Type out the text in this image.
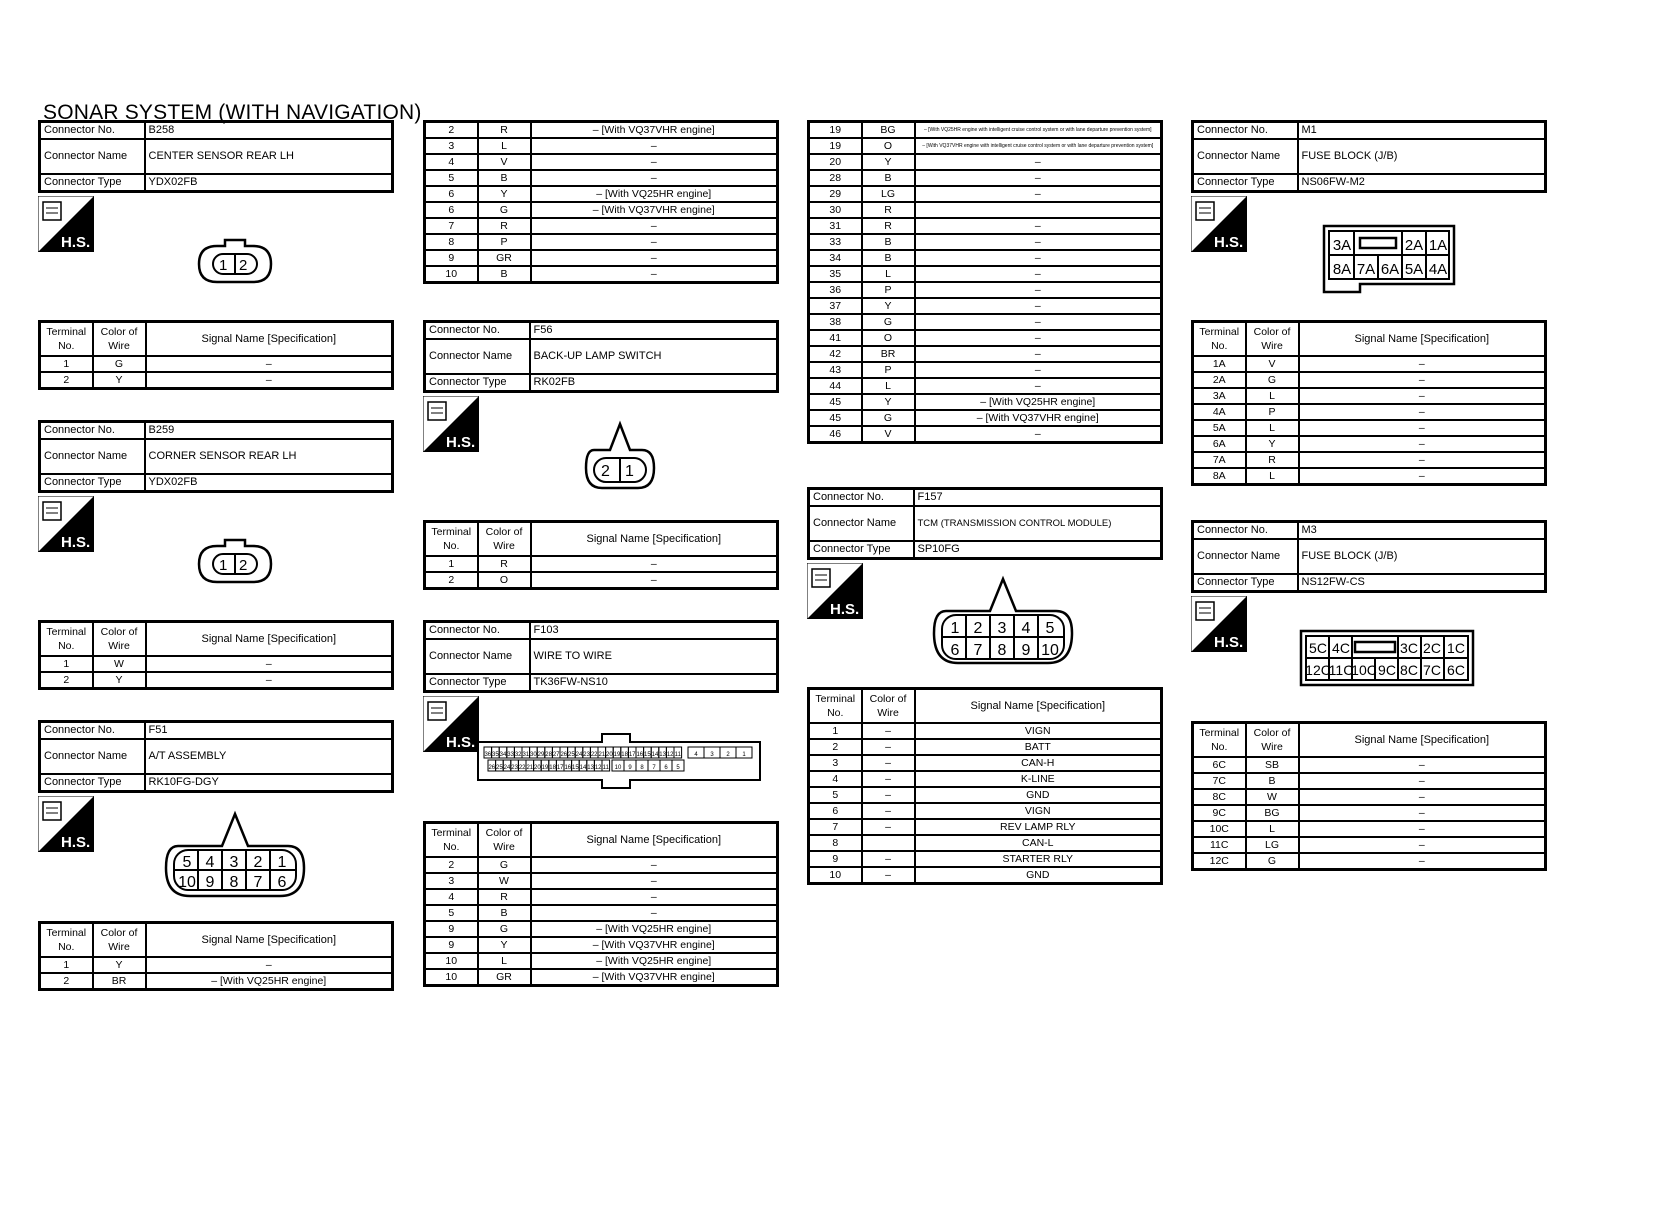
SONAR SYSTEM (WITH NAVIGATION)
Connector No.	B258
Connector Name	CENTER SENSOR REAR LH
Connector Type	YDX02FB
H.S.
1 2
Terminal No.	Color of Wire	Signal Name [Specification]
1	G	–
2	Y	–
Connector No.	B259
Connector Name	CORNER SENSOR REAR LH
Connector Type	YDX02FB
H.S.
1 2
Terminal No.	Color of Wire	Signal Name [Specification]
1	W	–
2	Y	–
Connector No.	F51
Connector Name	A/T ASSEMBLY
Connector Type	RK10FG-DGY
H.S.
5 4 3 2 1
10 9 8 7 6
Terminal No.	Color of Wire	Signal Name [Specification]
1	Y	–
2	BR	– [With VQ25HR engine]
2	R	– [With VQ37VHR engine]
3	L	–
4	V	–
5	B	–
6	Y	– [With VQ25HR engine]
6	G	– [With VQ37VHR engine]
7	R	–
8	P	–
9	GR	–
10	B	–
Connector No.	F56
Connector Name	BACK-UP LAMP SWITCH
Connector Type	RK02FB
H.S.
2 1
Terminal No.	Color of Wire	Signal Name [Specification]
1	R	–
2	O	–
Connector No.	F103
Connector Name	WIRE TO WIRE
Connector Type	TK36FW-NS10
H.S.
36 35 34 33 32 31 30 29 28 27 26 25 24 23 22 21 20 19 18 17 16 15 14 13 12 11 4 3 2 1
26 25 24 23 22 21 20 19 18 17 16 15 14 13 12 11 10 9 8 7 6 5
Terminal No.	Color of Wire	Signal Name [Specification]
2	G	–
3	W	–
4	R	–
5	B	–
9	G	– [With VQ25HR engine]
9	Y	– [With VQ37VHR engine]
10	L	– [With VQ25HR engine]
10	GR	– [With VQ37VHR engine]
19	BG	– [With VQ25HR engine with intelligent cruise control system or with lane departure prevention system]
19	O	– [With VQ37VHR engine with intelligent cruise control system or with lane departure prevention system]
20	Y	–
28	B	–
29	LG	–
30	R	
31	R	–
33	B	–
34	B	–
35	L	–
36	P	–
37	Y	–
38	G	–
41	O	–
42	BR	–
43	P	–
44	L	–
45	Y	– [With VQ25HR engine]
45	G	– [With VQ37VHR engine]
46	V	–
Connector No.	F157
Connector Name	TCM (TRANSMISSION CONTROL MODULE)
Connector Type	SP10FG
H.S.
1 2 3 4 5
6 7 8 9 10
Terminal No.	Color of Wire	Signal Name [Specification]
1	–	VIGN
2	–	BATT
3	–	CAN-H
4	–	K-LINE
5	–	GND
6	–	VIGN
7	–	REV LAMP RLY
8		CAN-L
9	–	STARTER RLY
10	–	GND
Connector No.	M1
Connector Name	FUSE BLOCK (J/B)
Connector Type	NS06FW-M2
H.S.	3A	2A 1A
8A 7A 6A 5A 4A
Terminal No.	Color of Wire	Signal Name [Specification]
1A	V	–
2A	G	–
3A	L	–
4A	P	–
5A	L	–
6A	Y	–
7A	R	–
8A	L	–
Connector No.	M3
Connector Name	FUSE BLOCK (J/B)
Connector Type	NS12FW-CS
H.S.	5C 4C	3C 2C 1C
12C
11C
10C 9C 8C 7C 6C
Terminal No.	Color of Wire	Signal Name [Specification]
6C	SB	–
7C	B	–
8C	W	–
9C	BG	–
10C	L	–
11C	LG	–
12C	G	–
